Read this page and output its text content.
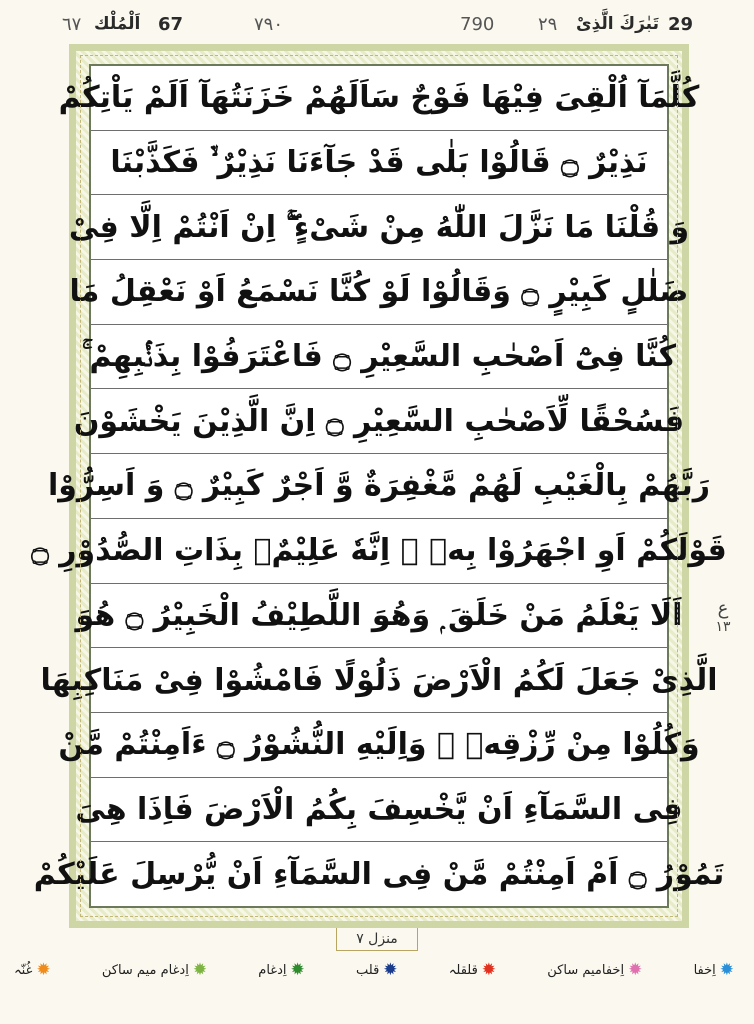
29
تَبٰرَكَ الَّذِىْ
٢٩
790
٧٩٠
67
اَلْمُلْك
٦٧
كُلَّمَآ اُلْقِىَ فِيْهَا فَوْجٌ سَاَلَهُمْ خَزَنَتُهَآ اَلَمْ يَاْتِكُمْ
نَذِيْرٌ ۝ قَالُوْا بَلٰى قَدْ جَآءَنَا نَذِيْرٌ ۙ۬ فَكَذَّبْنَا
وَ قُلْنَا مَا نَزَّلَ اللّٰهُ مِنْ شَىْءٍ ۚۖ اِنْ اَنْتُمْ اِلَّا فِىْ
ضَلٰلٍ كَبِيْرٍ ۝ وَقَالُوْا لَوْ كُنَّا نَسْمَعُ اَوْ نَعْقِلُ مَا
كُنَّا فِىْٓ اَصْحٰبِ السَّعِيْرِ ۝ فَاعْتَرَفُوْا بِذَنْۢبِهِمْ ۚ
فَسُحْقًا لِّاَصْحٰبِ السَّعِيْرِ ۝ اِنَّ الَّذِيْنَ يَخْشَوْنَ
رَبَّهُمْ بِالْغَيْبِ لَهُمْ مَّغْفِرَةٌ وَّ اَجْرٌ كَبِيْرٌ ۝ وَ اَسِرُّوْا
قَوْلَكُمْ اَوِ اجْهَرُوْا بِهٖ ۭ اِنَّهٗ عَلِيْمٌۢ بِذَاتِ الصُّدُوْرِ ۝
اَلَا يَعْلَمُ مَنْ خَلَقَ ۭ وَهُوَ اللَّطِيْفُ الْخَبِيْرُ ۝ هُوَ
الَّذِىْ جَعَلَ لَكُمُ الْاَرْضَ ذَلُوْلًا فَامْشُوْا فِىْ مَنَاكِبِهَا
وَكُلُوْا مِنْ رِّزْقِهٖ ۭ وَاِلَيْهِ النُّشُوْرُ ۝ ءَاَمِنْتُمْ مَّنْ
فِى السَّمَآءِ اَنْ يَّخْسِفَ بِكُمُ الْاَرْضَ فَاِذَا هِىَ
تَمُوْرُ ۝ اَمْ اَمِنْتُمْ مَّنْ فِى السَّمَآءِ اَنْ يُّرْسِلَ عَلَيْكُمْ
ع
١٣
منزل ٧
✹
اِخفا
✹
اِخفامیم ساکن
✹
قلقلہ
✹
قلب
✹
اِدغام
✹
اِدغام میم ساکن
✹
غُنّہ
